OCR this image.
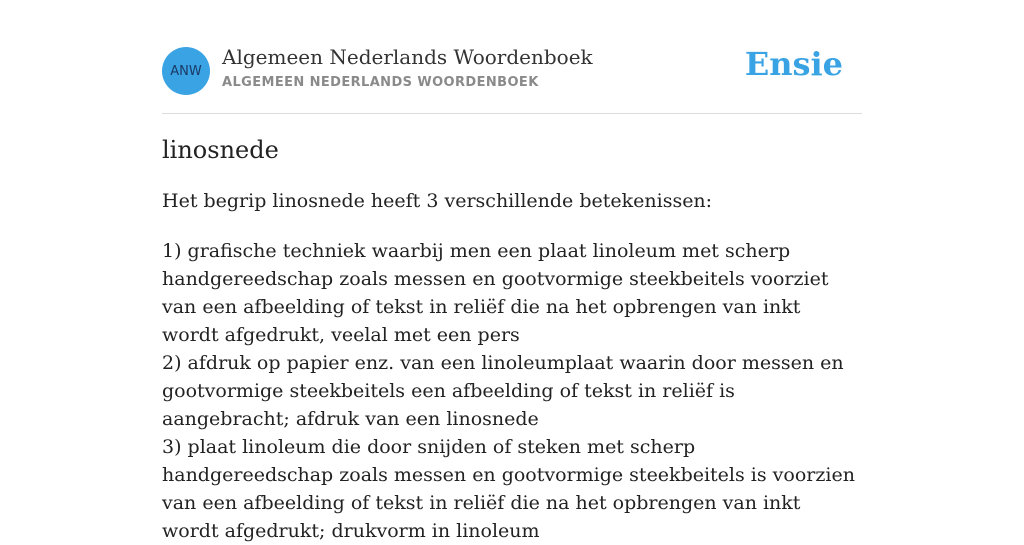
ANW
Algemeen Nederlands Woordenboek
ALGEMEEN NEDERLANDS WOORDENBOEK	Ensie
linosnede

Het begrip linosnede heeft 3 verschillende betekenissen:

1) grafische techniek waarbij men een plaat linoleum met scherp handgereedschap zoals messen en gootvormige steekbeitels voorziet van een afbeelding of tekst in reliëf die na het opbrengen van inkt wordt afgedrukt, veelal met een pers
2) afdruk op papier enz. van een linoleumplaat waarin door messen en gootvormige steekbeitels een afbeelding of tekst in reliëf is aangebracht; afdruk van een linosnede
3) plaat linoleum die door snijden of steken met scherp handgereedschap zoals messen en gootvormige steekbeitels is voorzien van een afbeelding of tekst in reliëf die na het opbrengen van inkt wordt afgedrukt; drukvorm in linoleum
